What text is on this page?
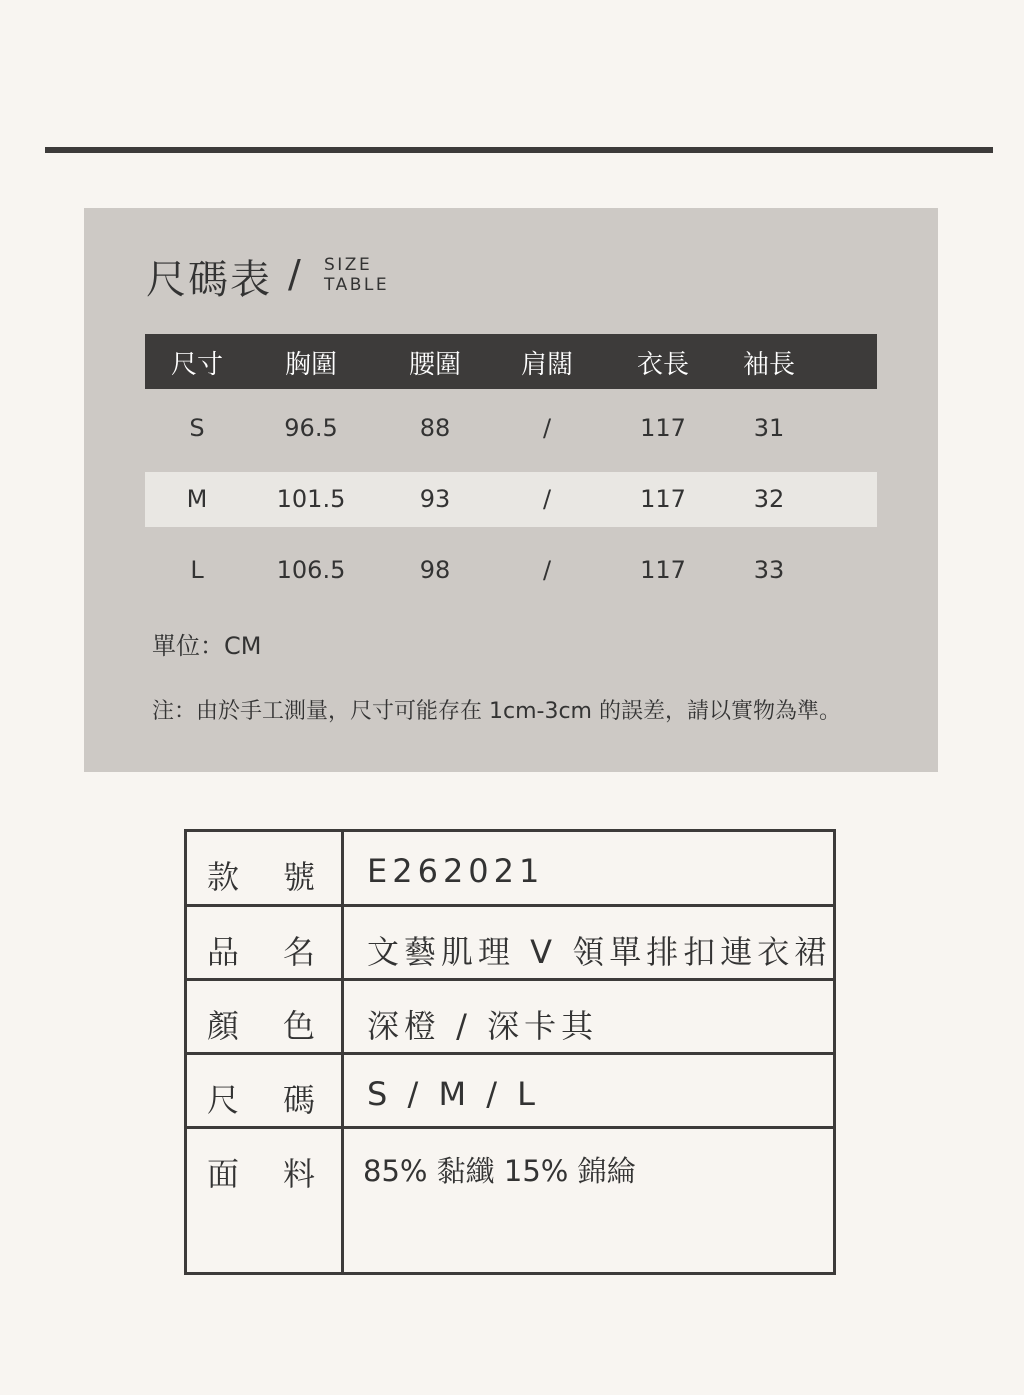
尺碼表 / SIZE
TABLE
尺寸 胸圍	腰圍 肩闊 衣長 袖長
S	96.5	88	/	117	31
M	101.5	93	/	117	32
L	106.5	98	/	117	33
單位：CM
注：由於手工測量，尺寸可能存在 1cm-3cm 的誤差，請以實物為準。
款 號 E262021
品 名 文藝肌理 V 領單排扣連衣裙
顏 色 深橙 / 深卡其
尺 碼 S / M / L
面 料 85% 黏纖 15% 錦綸
